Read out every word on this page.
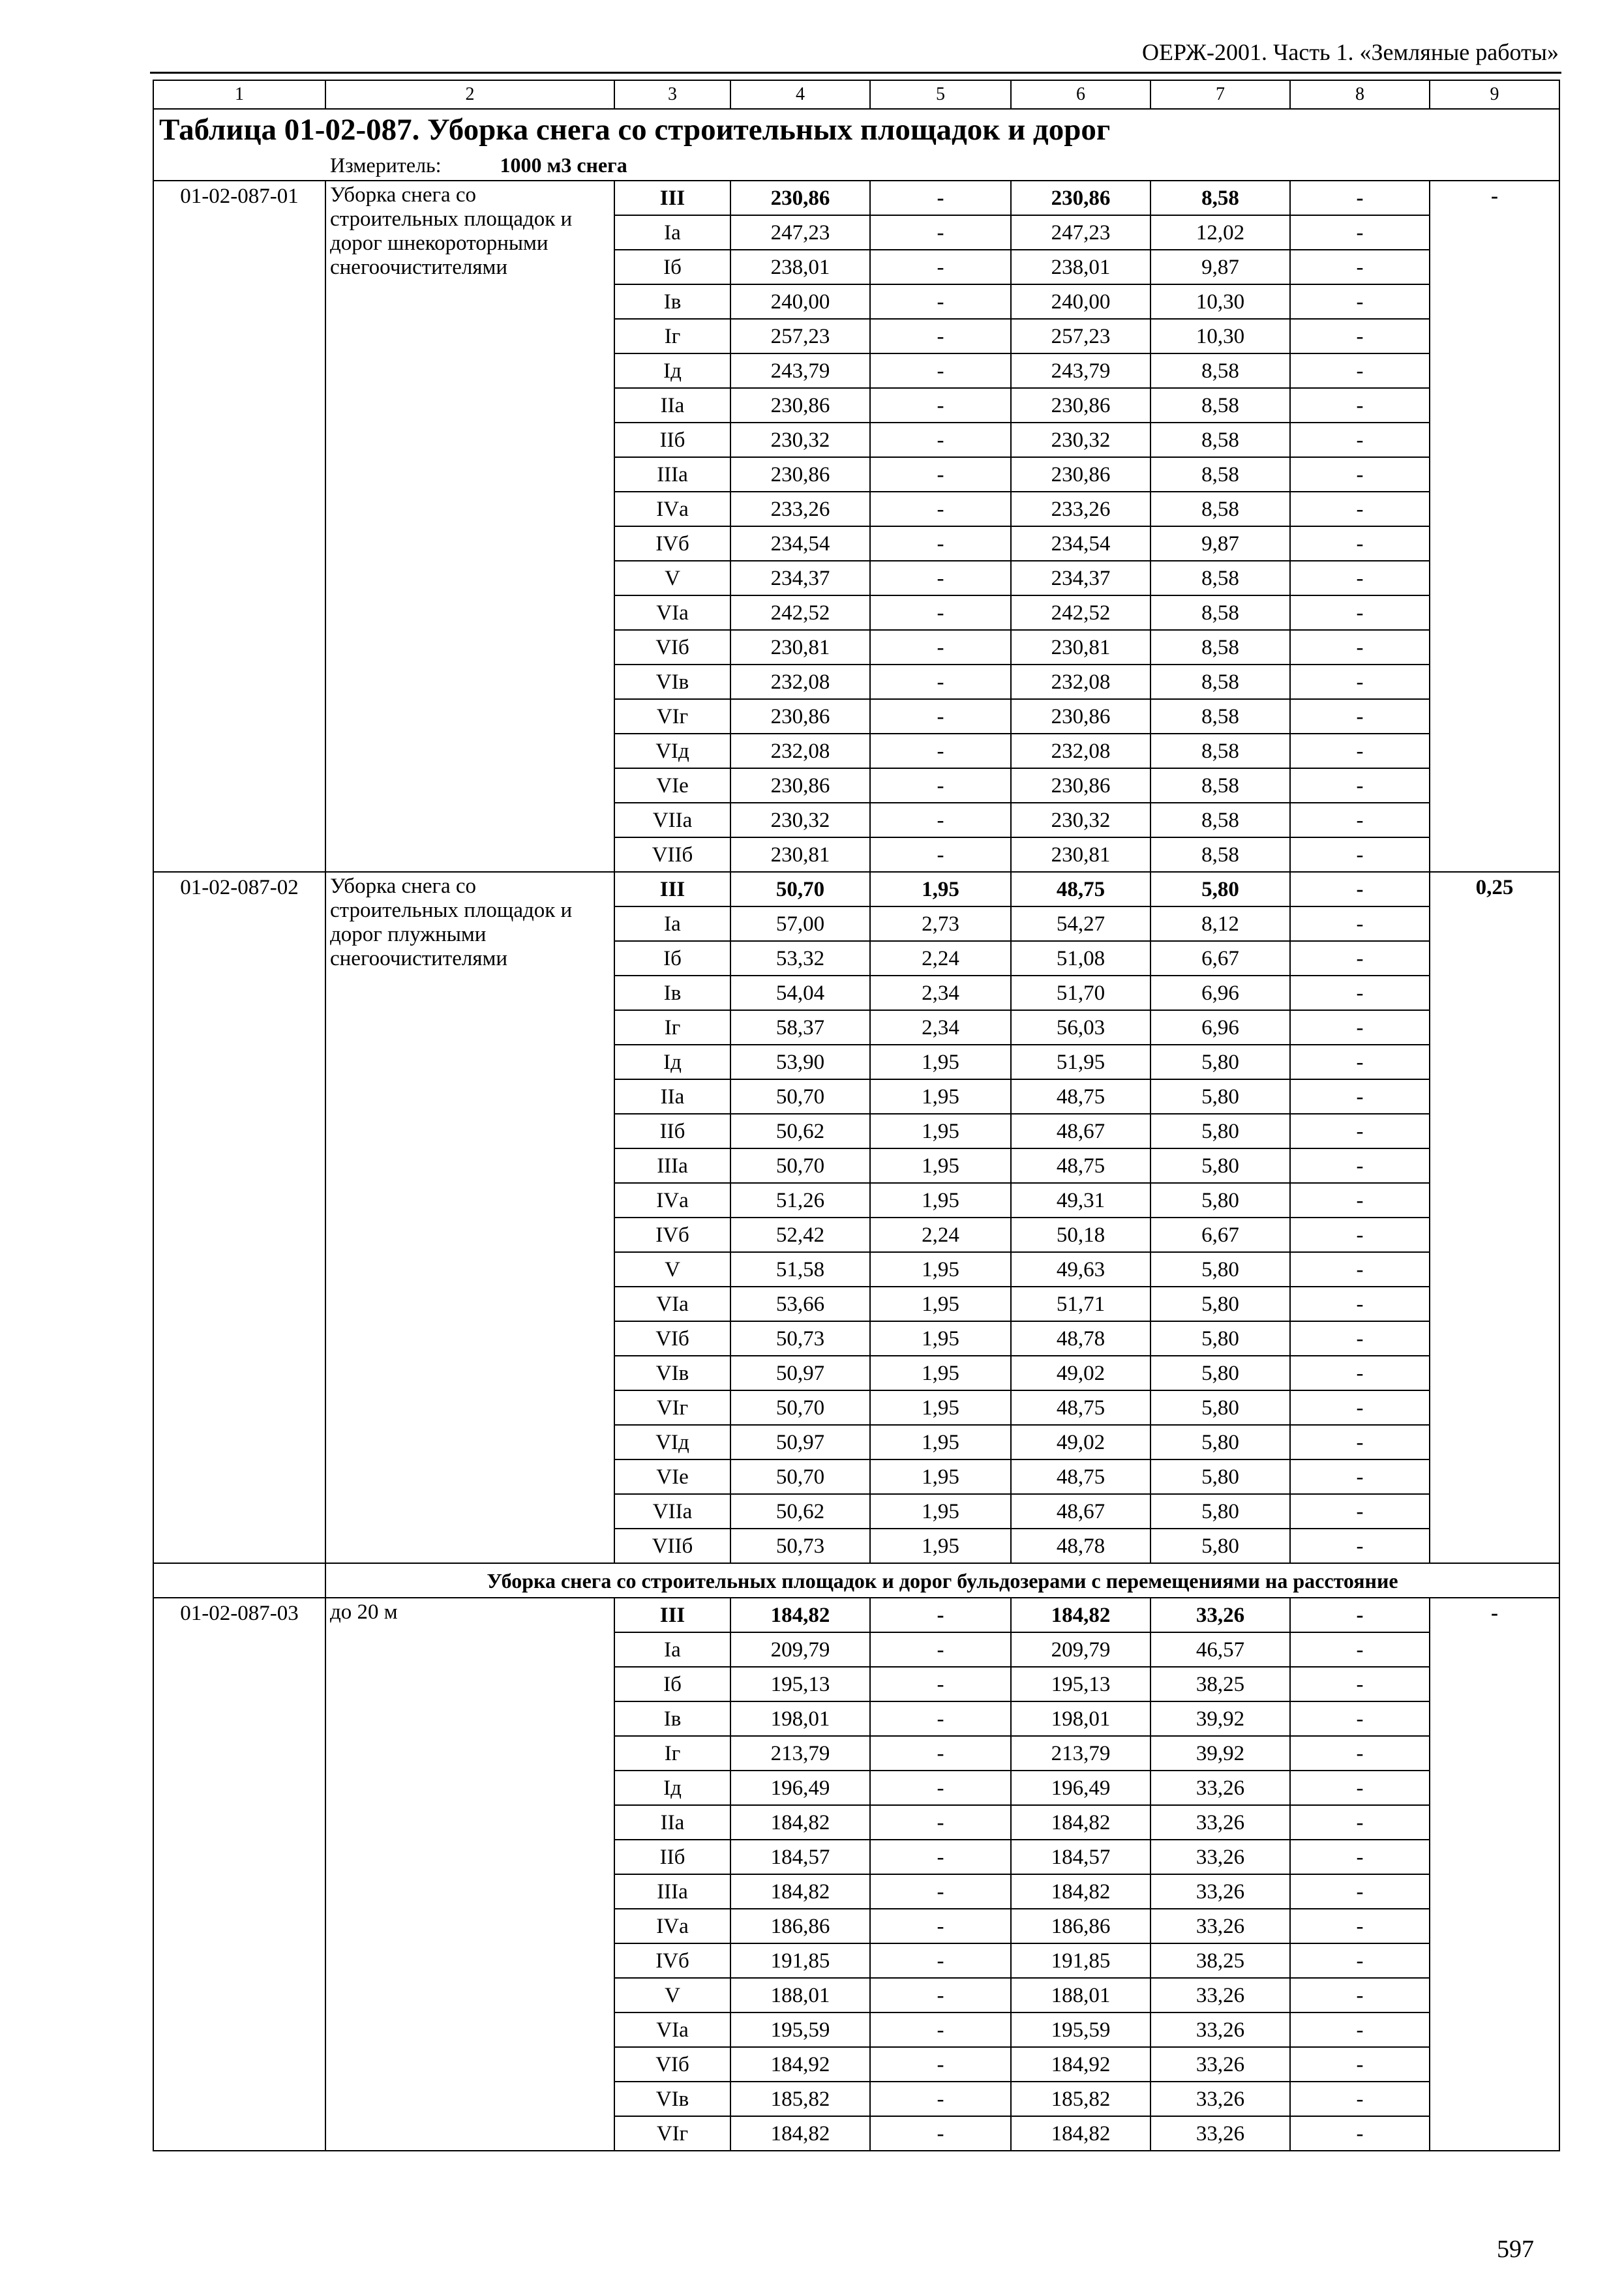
ОЕРЖ-2001. Часть 1. «Земляные работы»
1	2	3	4	5	6	7	8	9
Таблица 01-02-087. Уборка снега со строительных площадок и дорог								
Измеритель: 1000 м3 снега								
01-02-087-01	Уборка снега со строительных площадок и дорог шнекороторными снегоочистителями	III	230,86	-	230,86	8,58	-	-
		Iа	247,23	-	247,23	12,02	-	
		Iб	238,01	-	238,01	9,87	-	
		Iв	240,00	-	240,00	10,30	-	
		Iг	257,23	-	257,23	10,30	-	
		Iд	243,79	-	243,79	8,58	-	
		IIа	230,86	-	230,86	8,58	-	
		IIб	230,32	-	230,32	8,58	-	
		IIIа	230,86	-	230,86	8,58	-	
		IVа	233,26	-	233,26	8,58	-	
		IVб	234,54	-	234,54	9,87	-	
		V	234,37	-	234,37	8,58	-	
		VIа	242,52	-	242,52	8,58	-	
		VIб	230,81	-	230,81	8,58	-	
		VIв	232,08	-	232,08	8,58	-	
		VIг	230,86	-	230,86	8,58	-	
		VIд	232,08	-	232,08	8,58	-	
		VIе	230,86	-	230,86	8,58	-	
		VIIа	230,32	-	230,32	8,58	-	
		VIIб	230,81	-	230,81	8,58	-	
01-02-087-02	Уборка снега со строительных площадок и дорог плужными снегоочистителями	III	50,70	1,95	48,75	5,80	-	0,25
		Iа	57,00	2,73	54,27	8,12	-	
		Iб	53,32	2,24	51,08	6,67	-	
		Iв	54,04	2,34	51,70	6,96	-	
		Iг	58,37	2,34	56,03	6,96	-	
		Iд	53,90	1,95	51,95	5,80	-	
		IIа	50,70	1,95	48,75	5,80	-	
		IIб	50,62	1,95	48,67	5,80	-	
		IIIа	50,70	1,95	48,75	5,80	-	
		IVа	51,26	1,95	49,31	5,80	-	
		IVб	52,42	2,24	50,18	6,67	-	
		V	51,58	1,95	49,63	5,80	-	
		VIа	53,66	1,95	51,71	5,80	-	
		VIб	50,73	1,95	48,78	5,80	-	
		VIв	50,97	1,95	49,02	5,80	-	
		VIг	50,70	1,95	48,75	5,80	-	
		VIд	50,97	1,95	49,02	5,80	-	
		VIе	50,70	1,95	48,75	5,80	-	
		VIIа	50,62	1,95	48,67	5,80	-	
		VIIб	50,73	1,95	48,78	5,80	-	
	Уборка снега со строительных площадок и дорог бульдозерами с перемещениями на расстояние							
01-02-087-03	до 20 м	III	184,82	-	184,82	33,26	-	-
		Iа	209,79	-	209,79	46,57	-	
		Iб	195,13	-	195,13	38,25	-	
		Iв	198,01	-	198,01	39,92	-	
		Iг	213,79	-	213,79	39,92	-	
		Iд	196,49	-	196,49	33,26	-	
		IIа	184,82	-	184,82	33,26	-	
		IIб	184,57	-	184,57	33,26	-	
		IIIа	184,82	-	184,82	33,26	-	
		IVа	186,86	-	186,86	33,26	-	
		IVб	191,85	-	191,85	38,25	-	
		V	188,01	-	188,01	33,26	-	
		VIа	195,59	-	195,59	33,26	-	
		VIб	184,92	-	184,92	33,26	-	
		VIв	185,82	-	185,82	33,26	-	
		VIг	184,82	-	184,82	33,26	-	
597
